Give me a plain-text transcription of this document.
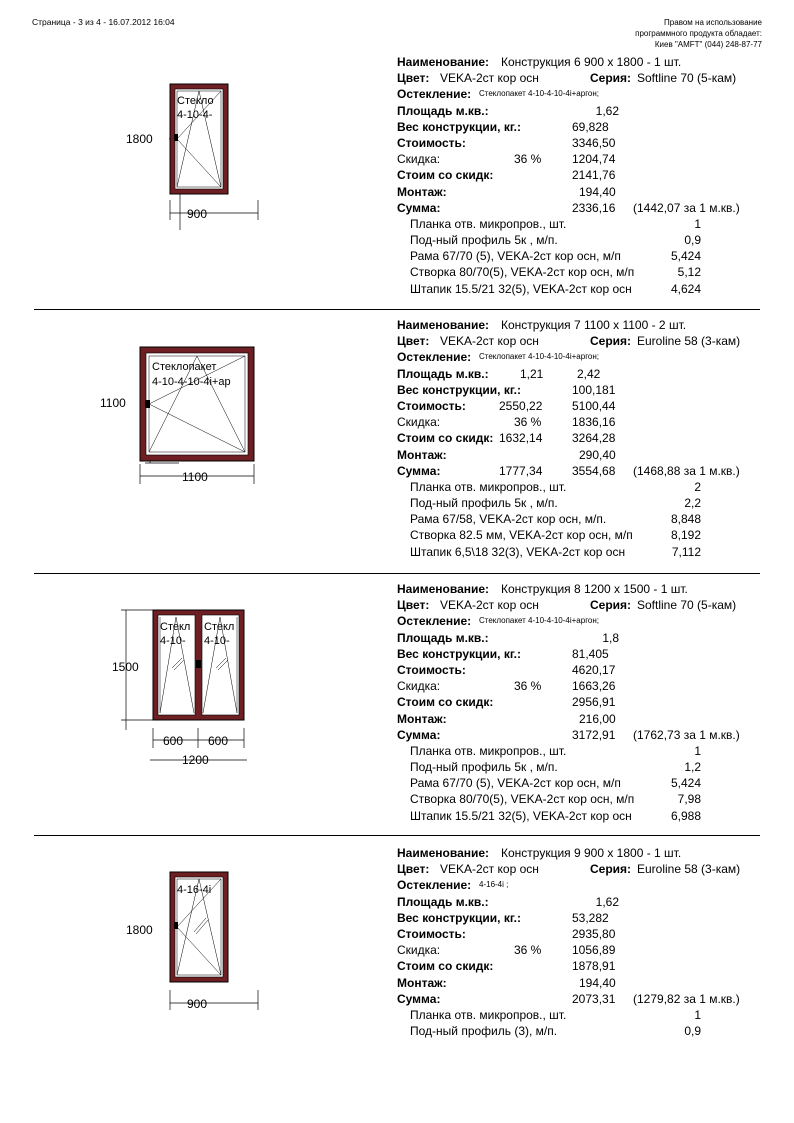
Страница - 3 из 4 - 16.07.2012 16:04	Правом на использование
программного продукта обладает:
Киев "AMFT" (044) 248-87-77
1800
900
Стекло
4-10-4-
Наименование: Конструкция 6 900 x 1800 - 1 шт.
Цвет: VEKA-2ст кор осн	Серия: Softline 70 (5-кам)
Остекление: Стеклопакет 4-10-4-10-4i+аргон;
Площадь м.кв.:	1,62
Вес конструкции, кг.:	69,828
Стоимость:	3346,50
Скидка:	36 %	1204,74
Стоим со скидк:	2141,76
Монтаж:	194,40
Сумма:	2336,16 (1442,07 за 1 м.кв.)
Планка отв. микропров., шт.	1
Под-ный профиль 5к , м/п.	0,9
Рама 67/70 (5), VEKA-2ст кор осн, м/п	5,424
Створка 80/70(5), VEKA-2ст кор осн, м/п	5,12
Штапик 15.5/21 32(5), VEKA-2ст кор осн	4,624
1100
1100
Стеклопакет
4-10-4-10-4i+ар
Наименование: Конструкция 7 1100 x 1100 - 2 шт.
Цвет: VEKA-2ст кор осн	Серия: Euroline 58 (3-кам)
Остекление: Стеклопакет 4-10-4-10-4i+аргон;
Площадь м.кв.:	1,21	2,42
Вес конструкции, кг.:	100,181
Стоимость:	2550,22 5100,44
Скидка:	36 %	1836,16
Стоим со скидк: 1632,14 3264,28
Монтаж:	290,40
Сумма:	1777,34 3554,68 (1468,88 за 1 м.кв.)
Планка отв. микропров., шт.	2
Под-ный профиль 5к , м/п.	2,2
Рама 67/58, VEKA-2ст кор осн, м/п.	8,848
Створка 82.5 мм, VEKA-2ст кор осн, м/п	8,192
Штапик 6,5\18 32(3), VEKA-2ст кор осн	7,112
1500
600 600
1200
Стекл
4-10-
Стекл
4-10-
Наименование: Конструкция 8 1200 x 1500 - 1 шт.
Цвет: VEKA-2ст кор осн	Серия: Softline 70 (5-кам)
Остекление: Стеклопакет 4-10-4-10-4i+аргон;
Площадь м.кв.:	1,8
Вес конструкции, кг.:	81,405
Стоимость:	4620,17
Скидка:	36 %	1663,26
Стоим со скидк:	2956,91
Монтаж:	216,00
Сумма:	3172,91 (1762,73 за 1 м.кв.)
Планка отв. микропров., шт.	1
Под-ный профиль 5к , м/п.	1,2
Рама 67/70 (5), VEKA-2ст кор осн, м/п	5,424
Створка 80/70(5), VEKA-2ст кор осн, м/п	7,98
Штапик 15.5/21 32(5), VEKA-2ст кор осн	6,988
1800
900
4-16-4i
Наименование: Конструкция 9 900 x 1800 - 1 шт.
Цвет: VEKA-2ст кор осн	Серия: Euroline 58 (3-кам)
Остекление: 4-16-4i ;
Площадь м.кв.:	1,62
Вес конструкции, кг.:	53,282
Стоимость:	2935,80
Скидка:	36 %	1056,89
Стоим со скидк:	1878,91
Монтаж:	194,40
Сумма:	2073,31 (1279,82 за 1 м.кв.)
Планка отв. микропров., шт.	1
Под-ный профиль (3), м/п.	0,9
